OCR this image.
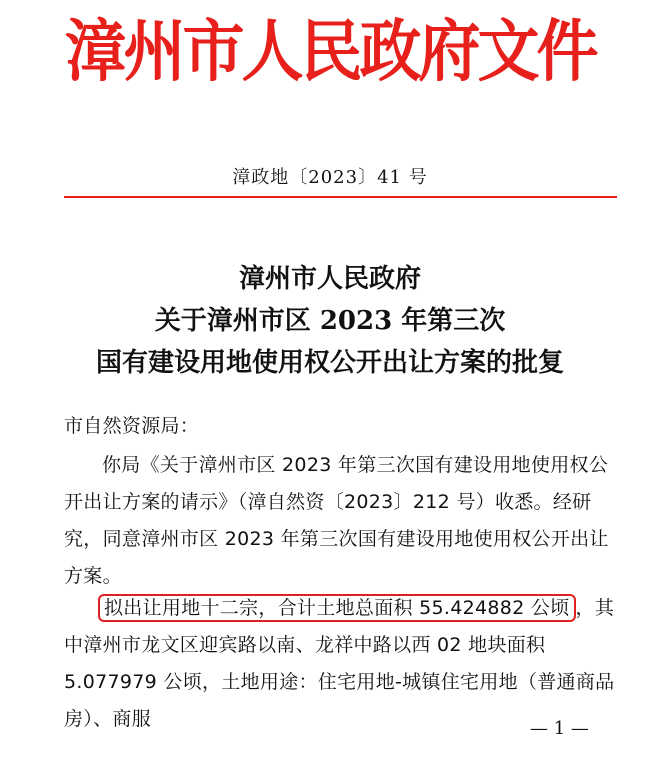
漳州市人民政府文件
漳政地〔2023〕41 号
漳州市人民政府
关于漳州市区 2023 年第三次
国有建设用地使用权公开出让方案的批复

市自然资源局：

你局《关于漳州市区 2023 年第三次国有建设用地使用权公开出让方案的请示》（漳自然资〔2023〕212 号）收悉。经研究，同意漳州市区 2023 年第三次国有建设用地使用权公开出让方案。

拟出让用地十二宗，合计土地总面积 55.424882 公顷 ，其中漳州市龙文区迎宾路以南、龙祥中路以西 02 地块面积 5.077979 公顷，土地用途：住宅用地-城镇住宅用地（普通商品房）、商服	— 1 —
